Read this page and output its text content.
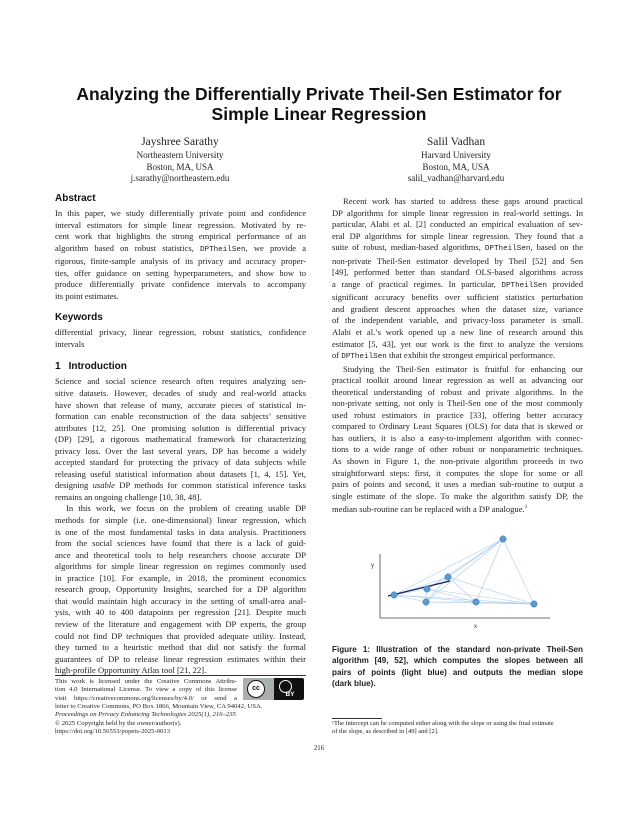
Analyzing the Differentially Private Theil-Sen Estimator for
Simple Linear Regression
Jayshree Sarathy
Northeastern University
Boston, MA, USA
j.sarathy@northeastern.edu
Salil Vadhan
Harvard University
Boston, MA, USA
salil_vadhan@harvard.edu
Abstract
In this paper, we study differentially private point and confidence
interval estimators for simple linear regression. Motivated by re-
cent work that highlights the strong empirical performance of an
algorithm based on robust statistics, DPTheilSen, we provide a
rigorous, finite-sample analysis of its privacy and accuracy proper-
ties, offer guidance on setting hyperparameters, and show how to
produce differentially private confidence intervals to accompany
its point estimates.
Keywords
differential privacy, linear regression, robust statistics, confidence
intervals
1 Introduction
Science and social science research often requires analyzing sen-
sitive datasets. However, decades of study and real-world attacks
have shown that release of many, accurate pieces of statistical in-
formation can enable reconstruction of the data subjects’ sensitive
attributes [12, 25]. One promising solution is differential privacy
(DP) [29], a rigorous mathematical framework for characterizing
privacy loss. Over the last several years, DP has become a widely
accepted standard for protecting the privacy of data subjects while
releasing useful statistical information about datasets [1, 4, 15]. Yet,
designing usable DP methods for common statistical inference tasks
remains an ongoing challenge [10, 38, 48].
In this work, we focus on the problem of creating usable DP
methods for simple (i.e. one-dimensional) linear regression, which
is one of the most fundamental tasks in data analysis. Practitioners
from the social sciences have found that there is a lack of guid-
ance and theoretical tools to help researchers choose accurate DP
algorithms for simple linear regression on regimes commonly used
in practice [10]. For example, in 2018, the prominent economics
research group, Opportunity Insights, searched for a DP algorithm
that would maintain high accuracy in the setting of small-area anal-
ysis, with 40 to 400 datapoints per regression [21]. Despite much
review of the literature and engagement with DP experts, the group
could not find DP techniques that provided adequate utility. Instead,
they turned to a heuristic method that did not satisfy the formal
guarantees of DP to release linear regression estimates within their
high-profile Opportunity Atlas tool [21, 22].
This work is licensed under the Creative Commons Attribu-
tion 4.0 International License. To view a copy of this license
visit https://creativecommons.org/licenses/by/4.0/ or send a
letter to Creative Commons, PO Box 1866, Mountain View, CA 94042, USA.
Proceedings on Privacy Enhancing Technologies 2025(1), 216–235
© 2025 Copyright held by the owner/author(s).
https://doi.org/10.56553/popets-2025-0013
cc
BY
Recent work has started to address these gaps around practical
DP algorithms for simple linear regression in real-world settings. In
particular, Alabi et al. [2] conducted an empirical evaluation of sev-
eral DP algorithms for simple linear regression. They found that a
suite of robust, median-based algorithms, DPTheilSen, based on the
non-private Theil-Sen estimator developed by Theil [52] and Sen
[49], performed better than standard OLS-based algorithms across
a range of practical regimes. In particular, DPTheilSen provided
significant accuracy benefits over sufficient statistics perturbation
and gradient descent approaches when the dataset size, variance
of the independent variable, and privacy-loss parameter is small.
Alabi et al.’s work opened up a new line of research around this
estimator [5, 43], yet our work is the first to analyze the versions
of DPTheilSen that exhibit the strongest empirical performance.
Studying the Theil-Sen estimator is fruitful for enhancing our
practical toolkit around linear regression as well as advancing our
theoretical understanding of robust and private algorithms. In the
non-private setting, not only is Theil-Sen one of the most commonly
used robust estimators in practice [33], offering better accuracy
compared to Ordinary Least Squares (OLS) for data that is skewed or
has outliers, it is also a easy-to-implement algorithm with connec-
tions to a wide range of other robust or nonparametric techniques.
As shown in Figure 1, the non-private algorithm proceeds in two
straightforward steps: first, it computes the slope for some or all
pairs of points and second, it uses a median sub-routine to output a
single estimate of the slope. To make the algorithm satisfy DP, the
median sub-routine can be replaced with a DP analogue.$^1$
y
x
Figure 1: Illustration of the standard non-private Theil-Sen
algorithm [49, 52], which computes the slopes between all
pairs of points (light blue) and outputs the median slope
(dark blue).
¹The intercept can be computed either along with the slope or using the final estimate
of the slope, as described in [49] and [2].
216
